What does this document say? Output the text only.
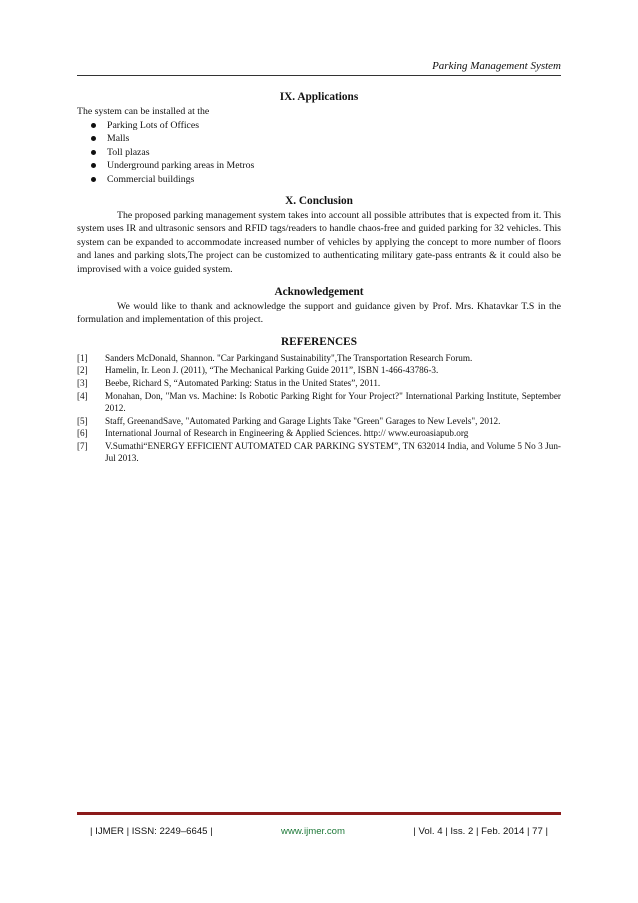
Parking Management System
IX. Applications

The system can be installed at the

Parking Lots of Offices
Malls
Toll plazas
Underground parking areas in Metros
Commercial buildings
X. Conclusion

The proposed parking management system takes into account all possible attributes that is expected from it. This system uses IR and ultrasonic sensors and RFID tags/readers to handle chaos-free and guided parking for 32 vehicles. This system can be expanded to accommodate increased number of vehicles by applying the concept to more number of floors and lanes and parking slots,The project can be customized to authenticating military gate-pass entrants & it could also be improvised with a voice guided system.

Acknowledgement

We would like to thank and acknowledge the support and guidance given by Prof. Mrs. Khatavkar T.S in the formulation and implementation of this project.

REFERENCES
[1]	Sanders McDonald, Shannon. "Car Parkingand Sustainability",The Transportation Research Forum.
[2]	Hamelin, Ir. Leon J. (2011), “The Mechanical Parking Guide 2011”, ISBN 1-466-43786-3.
[3]	Beebe, Richard S, “Automated Parking: Status in the United States”, 2011.
[4]	Monahan, Don, "Man vs. Machine: Is Robotic Parking Right for Your Project?" International Parking Institute, September 2012.
[5]	Staff, GreenandSave, "Automated Parking and Garage Lights Take "Green" Garages to New Levels", 2012.
[6]	International Journal of Research in Engineering & Applied Sciences. http:// www.euroasiapub.org
[7]	V.Sumathi“ENERGY EFFICIENT AUTOMATED CAR PARKING SYSTEM”, TN 632014 India, and Volume 5 No 3 Jun-Jul 2013.
| IJMER | ISSN: 2249–6645 |	www.ijmer.com	| Vol. 4 | Iss. 2 | Feb. 2014 | 77 |
